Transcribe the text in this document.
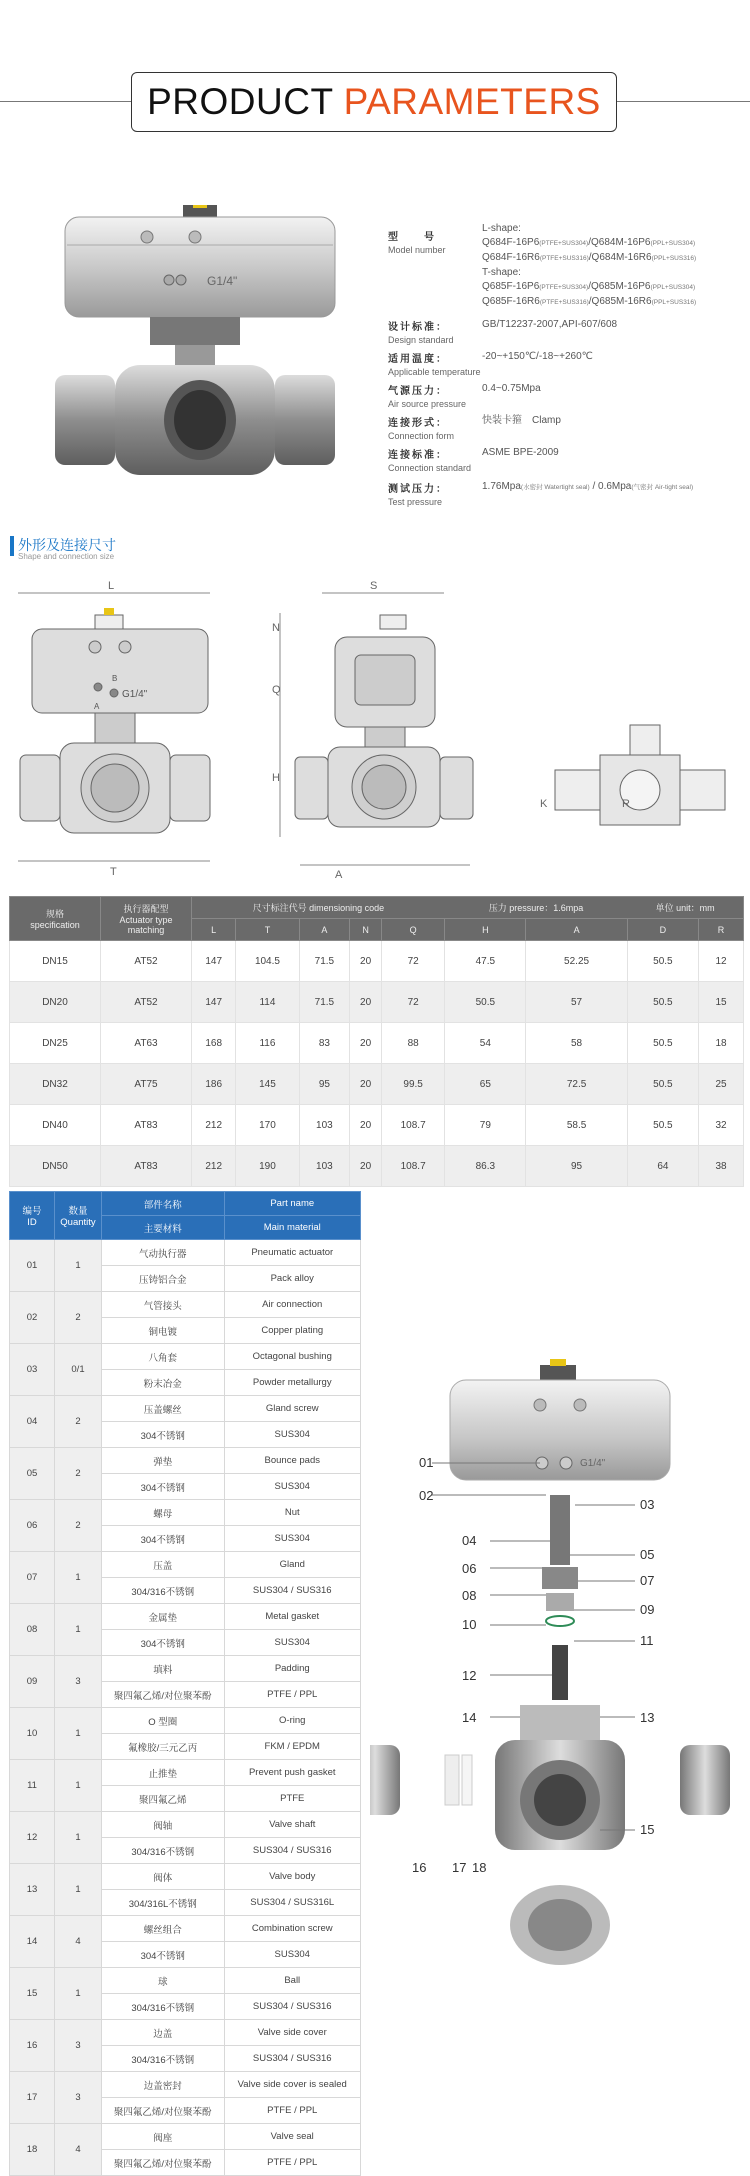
PRODUCT PARAMETERS
G1/4"
型　　号
Model number
L-shape:
Q684F-16P6(PTFE+SUS304)/Q684M-16P6(PPL+SUS304)
Q684F-16R6(PTFE+SUS316)/Q684M-16R6(PPL+SUS316)
T-shape:
Q685F-16P6(PTFE+SUS304)/Q685M-16P6(PPL+SUS304)
Q685F-16R6(PTFE+SUS316)/Q685M-16R6(PPL+SUS316)
设计标准：
Design standard
GB/T12237-2007,API-607/608
适用温度：
Applicable temperature
-20~+150℃/-18~+260℃
气源压力：
Air source pressure
0.4~0.75Mpa
连接形式：
Connection form
快装卡箍　Clamp
连接标准：
Connection standard
ASME BPE-2009
测试压力：
Test pressure
1.76Mpa(水密封 Watertight seal) / 0.6Mpa(气密封 Air-tight seal)
外形及连接尺寸
Shape and connection size
L
G1/4"
A
B
T
S
N
Q
H
A
K	R
规格
specification	执行器配型
Actuator type matching	尺寸标注代号 dimensioning code					压力 pressure：1.6mpa		单位 unit：mm	
		L	T	A	N	Q	H	A	D	R
DN15	AT52	147	104.5	71.5	20	72	47.5	52.25	50.5	12
DN20	AT52	147	114	71.5	20	72	50.5	57	50.5	15
DN25	AT63	168	116	83	20	88	54	58	50.5	18
DN32	AT75	186	145	95	20	99.5	65	72.5	50.5	25
DN40	AT83	212	170	103	20	108.7	79	58.5	50.5	32
DN50	AT83	212	190	103	20	108.7	86.3	95	64	38
编号
ID	数量
Quantity	部件名称	Part name
		主要材料	Main material
01	1	气动执行器	Pneumatic actuator
		压铸铝合金	Pack alloy
02	2	气管接头	Air connection
		铜电镀	Copper plating
03	0/1	八角套	Octagonal bushing
		粉末冶金	Powder metallurgy
04	2	压盖螺丝	Gland screw
		304不锈钢	SUS304
05	2	弹垫	Bounce pads
		304不锈钢	SUS304
06	2	螺母	Nut
		304不锈钢	SUS304
07	1	压盖	Gland
		304/316不锈钢	SUS304 / SUS316
08	1	金属垫	Metal gasket
		304不锈钢	SUS304
09	3	填料	Padding
		聚四氟乙烯/对位聚苯酚	PTFE / PPL
10	1	O 型圈	O-ring
		氟橡胶/三元乙丙	FKM / EPDM
11	1	止推垫	Prevent push gasket
		聚四氟乙烯	PTFE
12	1	阀轴	Valve shaft
		304/316不锈钢	SUS304 / SUS316
13	1	阀体	Valve body
		304/316L不锈钢	SUS304 / SUS316L
14	4	螺丝组合	Combination screw
		304不锈钢	SUS304
15	1	球	Ball
		304/316不锈钢	SUS304 / SUS316
16	3	边盖	Valve side cover
		304/316不锈钢	SUS304 / SUS316
17	3	边盖密封	Valve side cover is sealed
		聚四氟乙烯/对位聚苯酚	PTFE / PPL
18	4	阀座	Valve seal
		聚四氟乙烯/对位聚苯酚	PTFE / PPL
G1/4"
01
02
03
04
05
06
07
08
09
10
11
12
13
14
15
16 17 18
